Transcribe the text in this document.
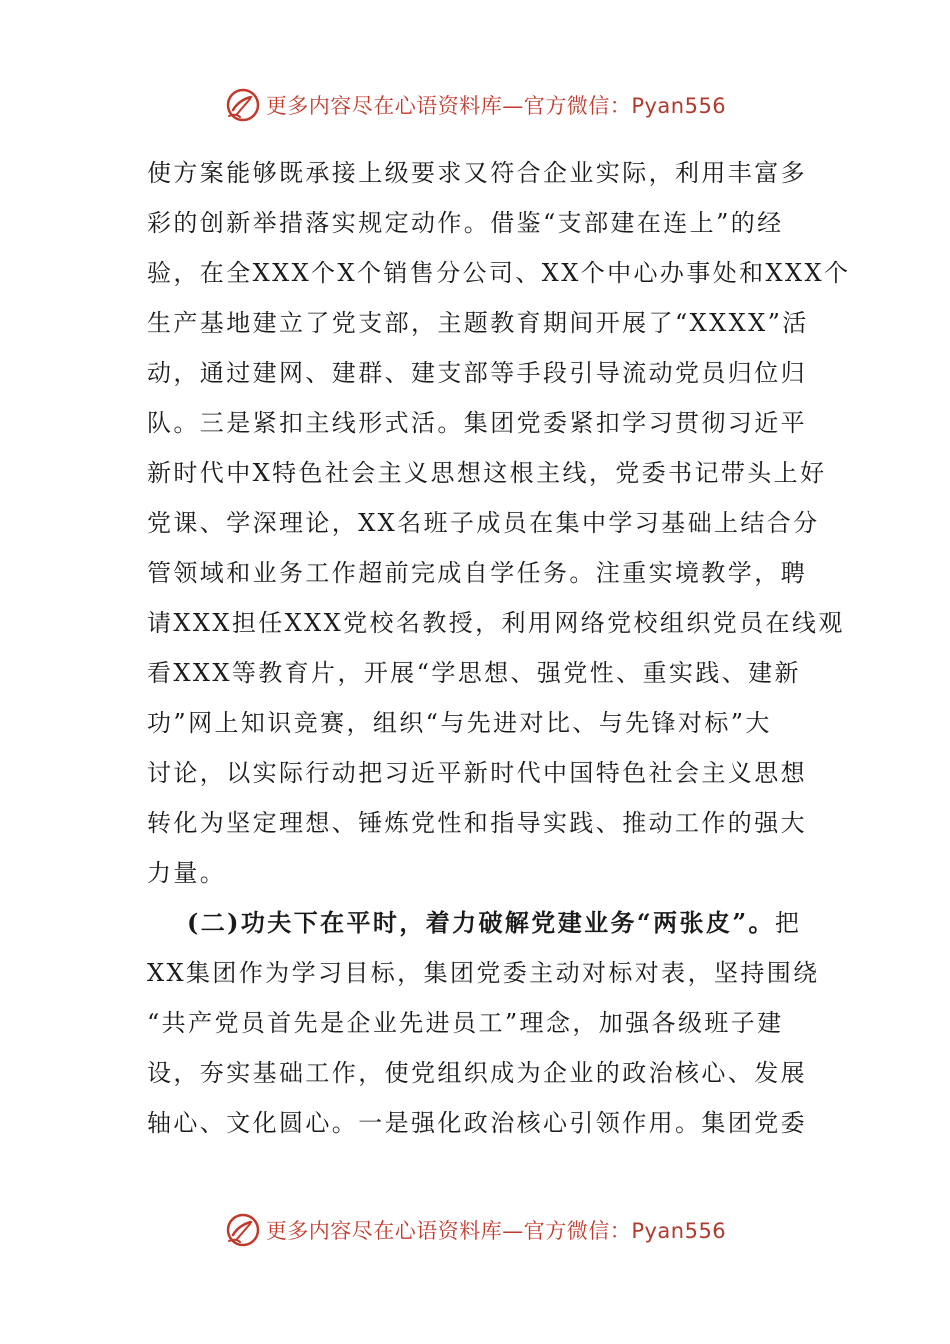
更多内容尽在心语资料库—官方微信：Pyan556
使方案能够既承接上级要求又符合企业实际，利用丰富多
彩的创新举措落实规定动作。借鉴“支部建在连上”的经
验，在全XXX个X个销售分公司、XX个中心办事处和XXX个
生产基地建立了党支部，主题教育期间开展了“XXXX”活
动，通过建网、建群、建支部等手段引导流动党员归位归
队。三是紧扣主线形式活。集团党委紧扣学习贯彻习近平
新时代中X特色社会主义思想这根主线，党委书记带头上好
党课、学深理论，XX名班子成员在集中学习基础上结合分
管领域和业务工作超前完成自学任务。注重实境教学，聘
请XXX担任XXX党校名教授，利用网络党校组织党员在线观
看XXX等教育片，开展“学思想、强党性、重实践、建新
功”网上知识竞赛，组织“与先进对比、与先锋对标”大
讨论，以实际行动把习近平新时代中国特色社会主义思想
转化为坚定理想、锤炼党性和指导实践、推动工作的强大
力量。
(二)功夫下在平时，着力破解党建业务“两张皮”。把
XX集团作为学习目标，集团党委主动对标对表，坚持围绕
“共产党员首先是企业先进员工”理念，加强各级班子建
设，夯实基础工作，使党组织成为企业的政治核心、发展
轴心、文化圆心。一是强化政治核心引领作用。集团党委
更多内容尽在心语资料库—官方微信：Pyan556
